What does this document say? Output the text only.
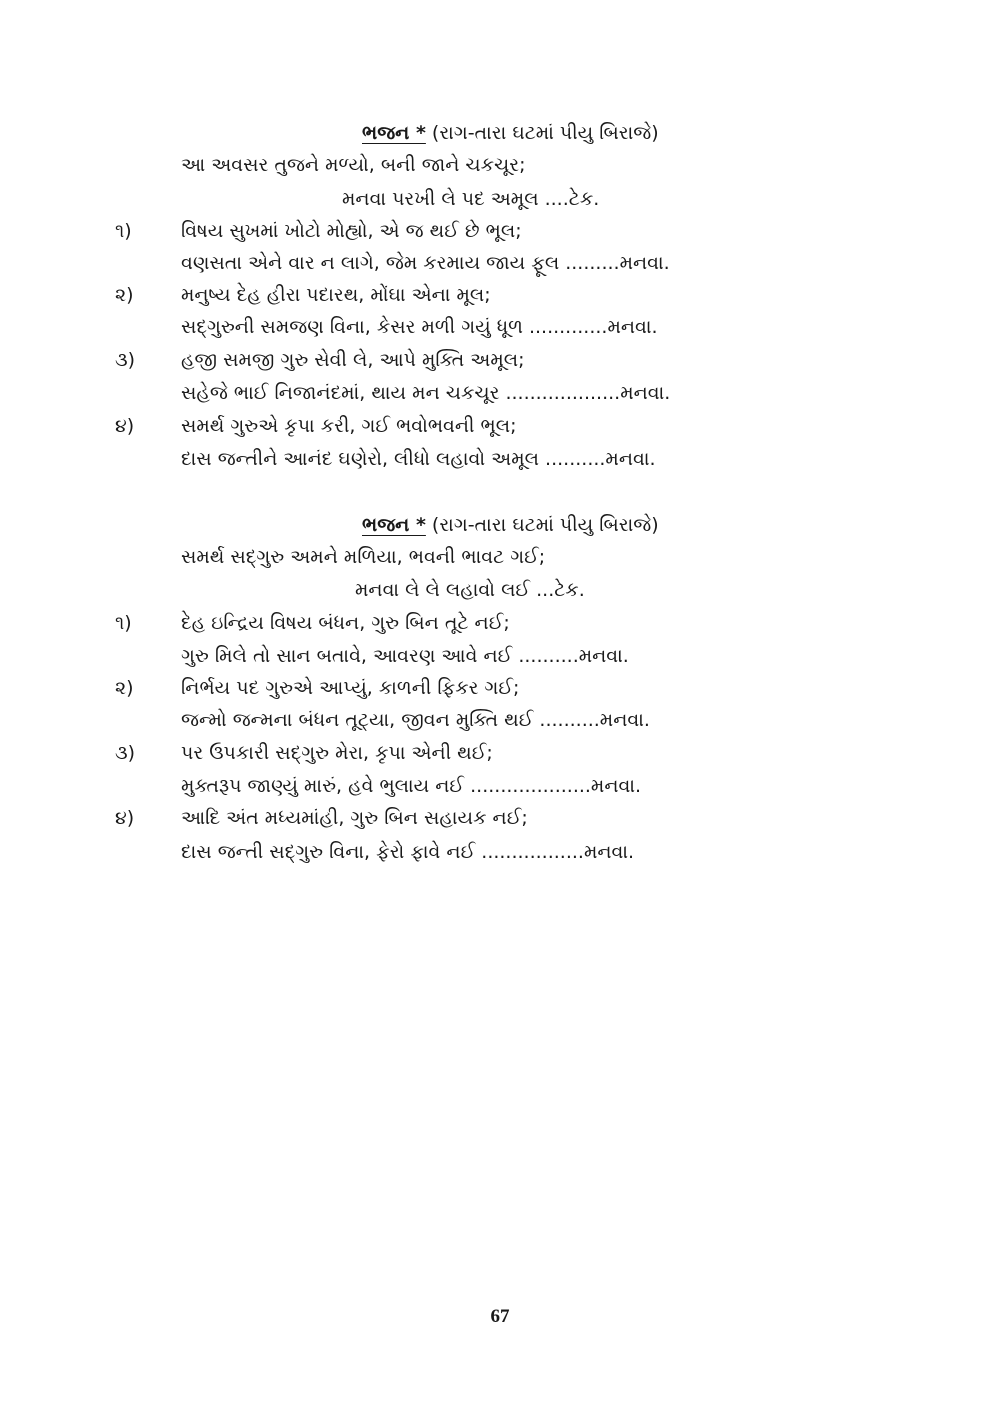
ભજન * (રાગ-તારા ઘટમાં પીયુ બિરાજે)
આ અવસર તુજને મળ્યો, બની જાને ચકચૂર;
મનવા પરખી લે પદ અમૂલ ....ટેક.
૧)	વિષય સુખમાં ખોટો મોહ્યો, એ જ થઈ છે ભૂલ;
વણસતા એને વાર ન લાગે, જેમ કરમાય જાય ફૂલ .........મનવા.
૨) મનુષ્ય દેહ હીરા પદારથ, મોંઘા એના મૂલ;
સદ્‌ગુરુની સમજણ વિના, કેસર મળી ગયું ધૂળ .............મનવા.
૩) હજી સમજી ગુરુ સેવી લે, આપે મુક્તિ અમૂલ;
સહેજે ભાઈ નિજાનંદમાં, થાય મન ચકચૂર ...................મનવા.
૪) સમર્થ ગુરુએ કૃપા કરી, ગઈ ભવોભવની ભૂલ;
દાસ જન્તીને આનંદ ઘણેરો, લીધો લહાવો અમૂલ ..........મનવા.
ભજન * (રાગ-તારા ઘટમાં પીયુ બિરાજે)
સમર્થ સદ્‌ગુરુ અમને મળિયા, ભવની ભાવટ ગઈ;
મનવા લે લે લહાવો લઈ ...ટેક.
૧)	દેહ ઇન્દ્રિય વિષય બંધન, ગુરુ બિન તૂટે નઈ;
ગુરુ મિલે તો સાન બતાવે, આવરણ આવે નઈ ..........મનવા.
૨) નિર્ભય પદ ગુરુએ આપ્યું, કાળની ફિકર ગઈ;
જન્મો જન્મના બંધન તૂટ્યા, જીવન મુક્તિ થઈ ..........મનવા.
૩) પર ઉપકારી સદ્‌ગુરુ મેરા, કૃપા એની થઈ;
મુક્તરૂપ જાણ્યું મારું, હવે ભુલાય નઈ ....................મનવા.
૪) આદિ અંત મધ્યમાંહી, ગુરુ બિન સહાયક નઈ;
દાસ જન્તી સદ્‌ગુરુ વિના, ફેરો ફાવે નઈ .................મનવા.
67
